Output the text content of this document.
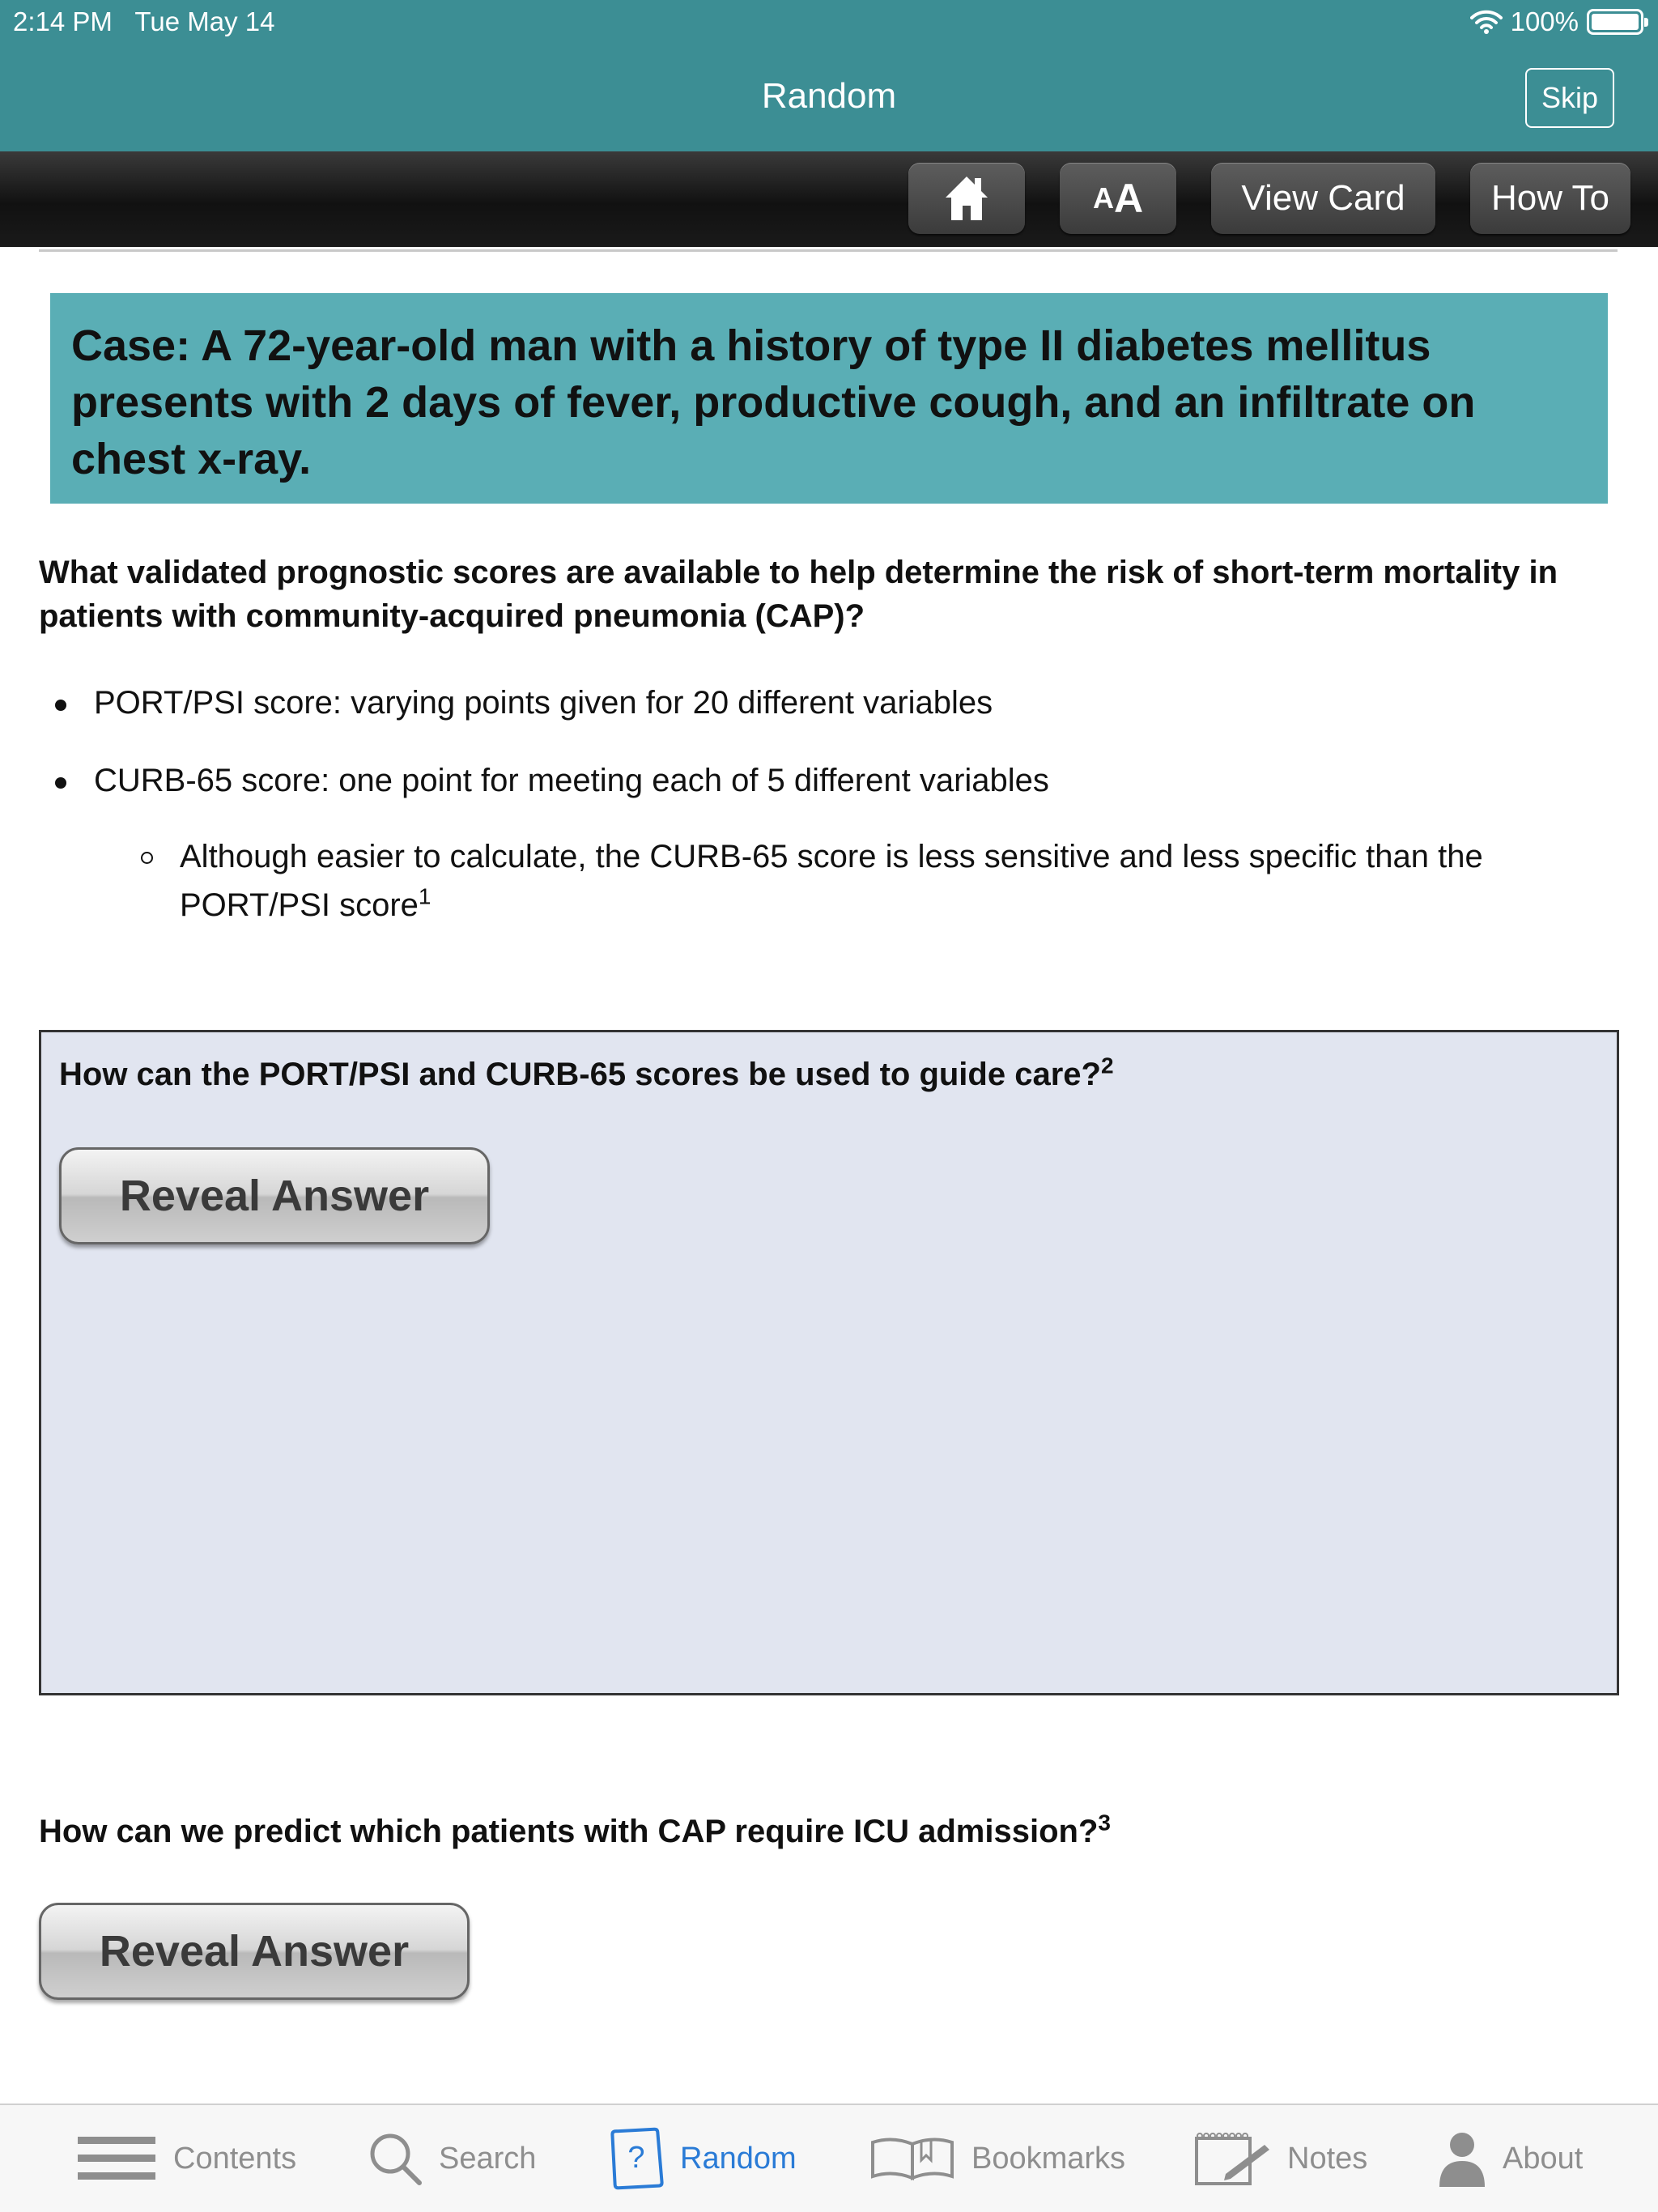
2:14 PM Tue May 14	100%
Random	Skip
A A	View Card	How To

Case: A 72-year-old man with a history of type II diabetes mellitus presents with 2 days of fever, productive cough, and an infiltrate on chest x-ray.

What validated prognostic scores are available to help determine the risk of short-term mortality in patients with community-acquired pneumonia (CAP)?
PORT/PSI score: varying points given for 20 different variables
CURB-65 score: one point for meeting each of 5 different variables
Although easier to calculate, the CURB-65 score is less sensitive and less specific than the PORT/PSI score$^1$
How can the PORT/PSI and CURB-65 scores be used to guide care?$^2$
Reveal Answer
How can we predict which patients with CAP require ICU admission?$^3$
Reveal Answer
Contents	Search	? Random	Bookmarks	Notes	About
